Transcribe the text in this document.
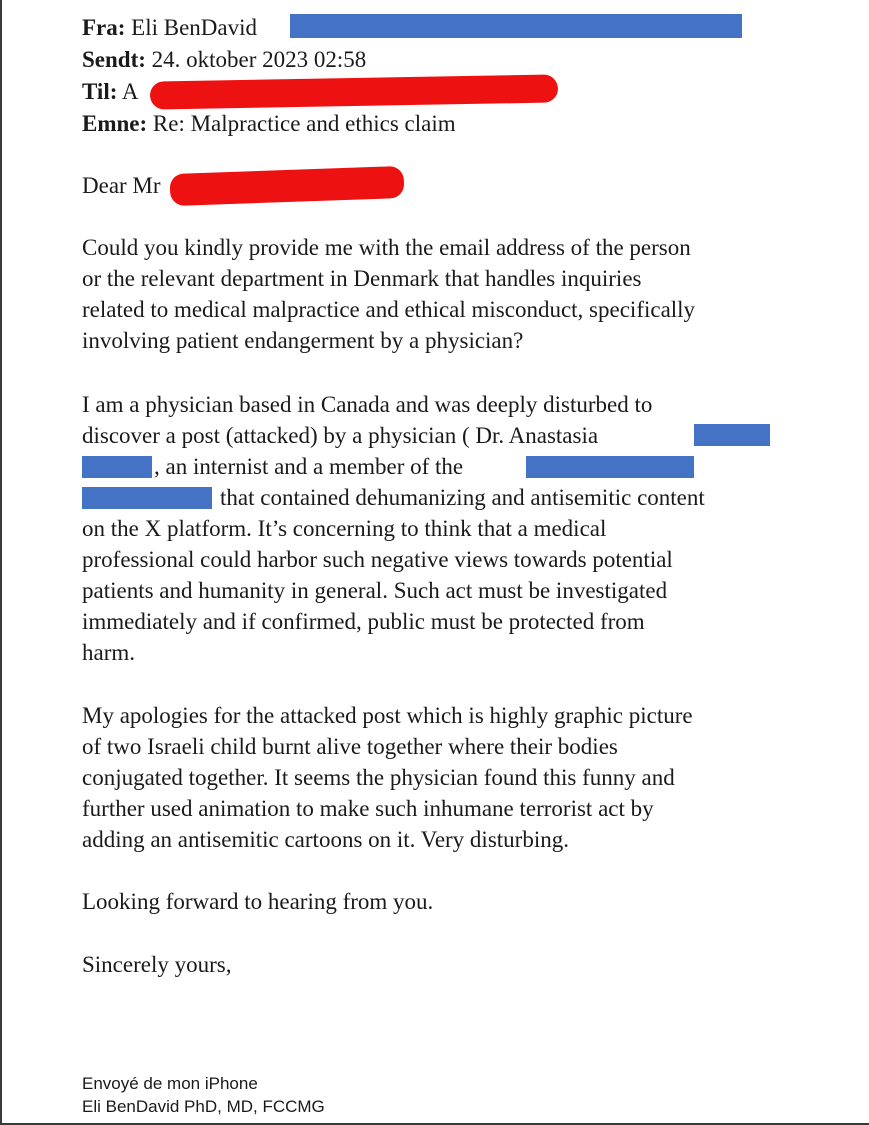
Fra: Eli BenDavid
Sendt: 24. oktober 2023 02:58
Til: A
Emne: Re: Malpractice and ethics claim
Dear Mr
Could you kindly provide me with the email address of the person
or the relevant department in Denmark that handles inquiries
related to medical malpractice and ethical misconduct, specifically
involving patient endangerment by a physician?
I am a physician based in Canada and was deeply disturbed to
discover a post (attacked) by a physician ( Dr. Anastasia
, an internist and a member of the
that contained dehumanizing and antisemitic content
on the X platform. It’s concerning to think that a medical
professional could harbor such negative views towards potential
patients and humanity in general. Such act must be investigated
immediately and if confirmed, public must be protected from
harm.
My apologies for the attacked post which is highly graphic picture
of two Israeli child burnt alive together where their bodies
conjugated together. It seems the physician found this funny and
further used animation to make such inhumane terrorist act by
adding an antisemitic cartoons on it. Very disturbing.
Looking forward to hearing from you.
Sincerely yours,
Envoyé de mon iPhone
Eli BenDavid PhD, MD, FCCMG
